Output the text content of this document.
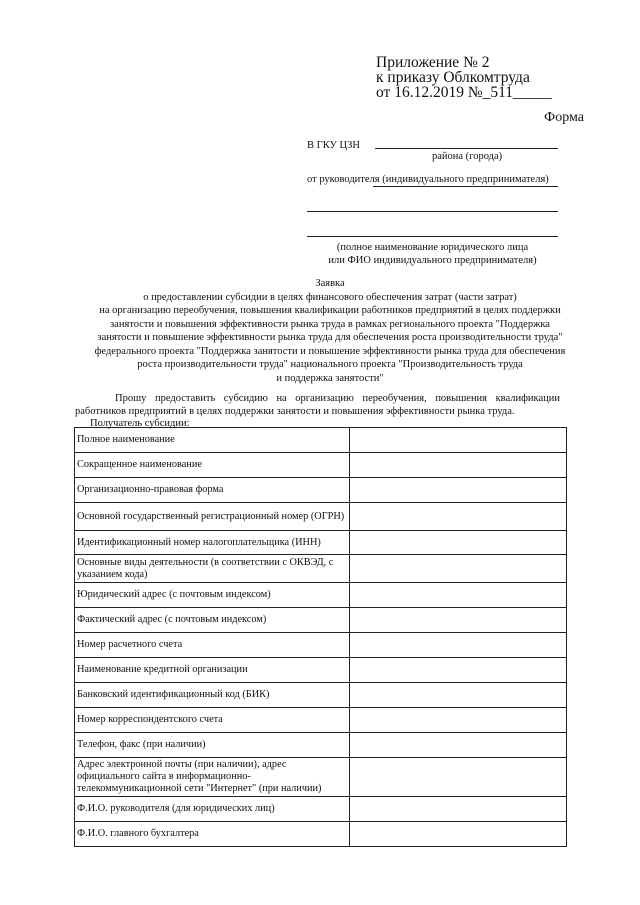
Приложение № 2
к приказу Облкомтруда
от 16.12.2019 №_511_____
Форма
В ГКУ ЦЗН
района (города)
от руководителя (индивидуального предпринимателя)
(полное наименование юридического лица
или ФИО индивидуального предпринимателя)
Заявка
о предоставлении субсидии в целях финансового обеспечения затрат (части затрат)
на организацию переобучения, повышения квалификации работников предприятий в целях поддержки
занятости и повышения эффективности рынка труда в рамках регионального проекта "Поддержка
занятости и повышение эффективности рынка труда для обеспечения роста производительности труда"
федерального проекта "Поддержка занятости и повышение эффективности рынка труда для обеспечения
роста производительности труда" национального проекта "Производительность труда
и поддержка занятости"
Прошу предоставить субсидию на организацию переобучения, повышения квалификации работников предприятий в целях поддержки занятости и повышения эффективности рынка труда.
Получатель субсидии:
Полное наименование	
Сокращенное наименование	
Организационно-правовая форма	
Основной государственный регистрационный номер (ОГРН)	
Идентификационный номер налогоплательщика (ИНН)	
Основные виды деятельности (в соответствии с ОКВЭД, с указанием кода)	
Юридический адрес (с почтовым индексом)	
Фактический адрес (с почтовым индексом)	
Номер расчетного счета	
Наименование кредитной организации	
Банковский идентификационный код (БИК)	
Номер корреспондентского счета	
Телефон, факс (при наличии)	
Адрес электронной почты (при наличии), адрес официального сайта в информационно-телекоммуникационной сети "Интернет" (при наличии)	
Ф.И.О. руководителя (для юридических лиц)	
Ф.И.О. главного бухгалтера	
